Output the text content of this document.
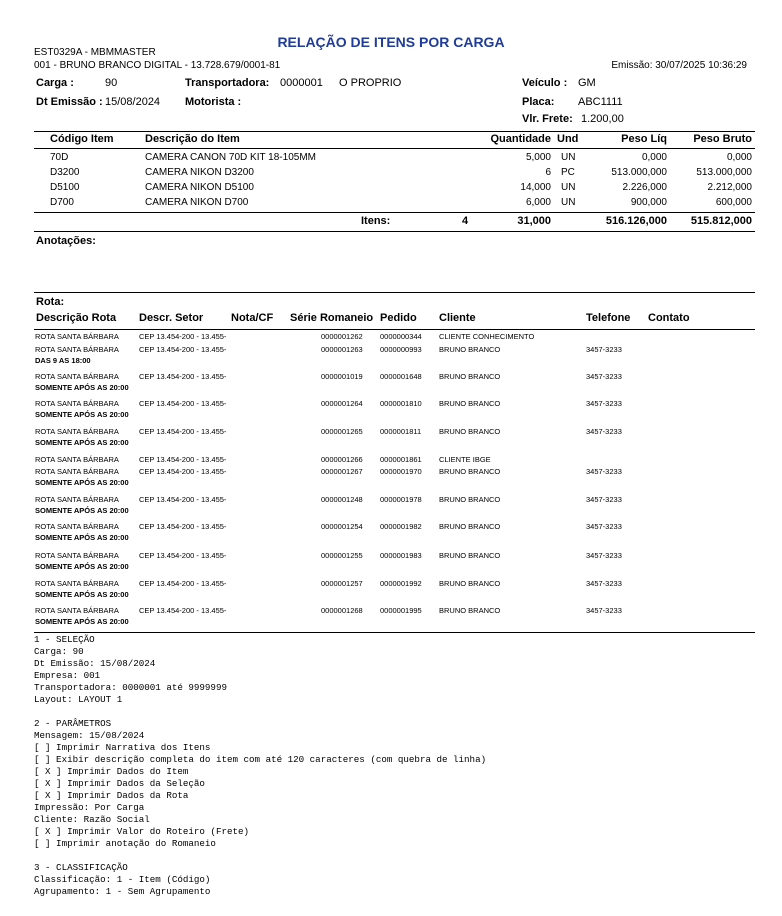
RELAÇÃO DE ITENS POR CARGA
EST0329A - MBMMASTER
001 - BRUNO BRANCO DIGITAL - 13.728.679/0001-81	Emissão: 30/07/2025 10:36:29
Carga :	90	Transportadora: 0000001 O PROPRIO	Veículo : GM
Dt Emissão : 15/08/2024 Motorista :	Placa: ABC1111
Vlr. Frete: 1.200,00
Código Item	Descrição do Item	Quantidade Und	Peso Líq Peso Bruto
70D	CAMERA CANON 70D KIT 18-105MM	5,000 UN	0,000	0,000
D3200	CAMERA NIKON D3200	6 PC	513.000,000	513.000,000
D5100	CAMERA NIKON D5100	14,000 UN	2.226,000	2.212,000
D700	CAMERA NIKON D700	6,000 UN	900,000	600,000
Itens:	4	31,000	516.126,000 515.812,000
Anotações:
Rota:
Descrição Rota Descr. Setor	Nota/CF Série Romaneio Pedido Cliente	Telefone Contato
ROTA SANTA BÁRBARA	CEP 13.454-200 - 13.455-	0000001262 0000000344 CLIENTE CONHECIMENTO
ROTA SANTA BÁRBARA	CEP 13.454-200 - 13.455-	0000001263 0000000993 BRUNO BRANCO	3457-3233
DAS 9 AS 18:00
ROTA SANTA BÁRBARA	CEP 13.454-200 - 13.455-	0000001019 0000001648 BRUNO BRANCO	3457-3233
SOMENTE APÓS AS 20:00
ROTA SANTA BÁRBARA	CEP 13.454-200 - 13.455-	0000001264 0000001810 BRUNO BRANCO	3457-3233
SOMENTE APÓS AS 20:00
ROTA SANTA BÁRBARA	CEP 13.454-200 - 13.455-	0000001265 0000001811 BRUNO BRANCO	3457-3233
SOMENTE APÓS AS 20:00
ROTA SANTA BÁRBARA	CEP 13.454-200 - 13.455-	0000001266 0000001861 CLIENTE IBGE
ROTA SANTA BÁRBARA	CEP 13.454-200 - 13.455-	0000001267 0000001970 BRUNO BRANCO	3457-3233
SOMENTE APÓS AS 20:00
ROTA SANTA BÁRBARA	CEP 13.454-200 - 13.455-	0000001248 0000001978 BRUNO BRANCO	3457-3233
SOMENTE APÓS AS 20:00
ROTA SANTA BÁRBARA	CEP 13.454-200 - 13.455-	0000001254 0000001982 BRUNO BRANCO	3457-3233
SOMENTE APÓS AS 20:00
ROTA SANTA BÁRBARA	CEP 13.454-200 - 13.455-	0000001255 0000001983 BRUNO BRANCO	3457-3233
SOMENTE APÓS AS 20:00
ROTA SANTA BÁRBARA	CEP 13.454-200 - 13.455-	0000001257 0000001992 BRUNO BRANCO	3457-3233
SOMENTE APÓS AS 20:00
ROTA SANTA BÁRBARA	CEP 13.454-200 - 13.455-	0000001268 0000001995 BRUNO BRANCO	3457-3233
SOMENTE APÓS AS 20:00
1 - SELEÇÃO
Carga: 90
Dt Emissão: 15/08/2024
Empresa: 001
Transportadora: 0000001 até 9999999
Layout: LAYOUT 1
2 - PARÂMETROS
Mensagem: 15/08/2024
[ ] Imprimir Narrativa dos Itens
[ ] Exibir descrição completa do item com até 120 caracteres (com quebra de linha)
[ X ] Imprimir Dados do Item
[ X ] Imprimir Dados da Seleção
[ X ] Imprimir Dados da Rota
Impressão: Por Carga
Cliente: Razão Social
[ X ] Imprimir Valor do Roteiro (Frete)
[ ] Imprimir anotação do Romaneio
3 - CLASSIFICAÇÃO
Classificação: 1 - Item (Código)
Agrupamento: 1 - Sem Agrupamento
